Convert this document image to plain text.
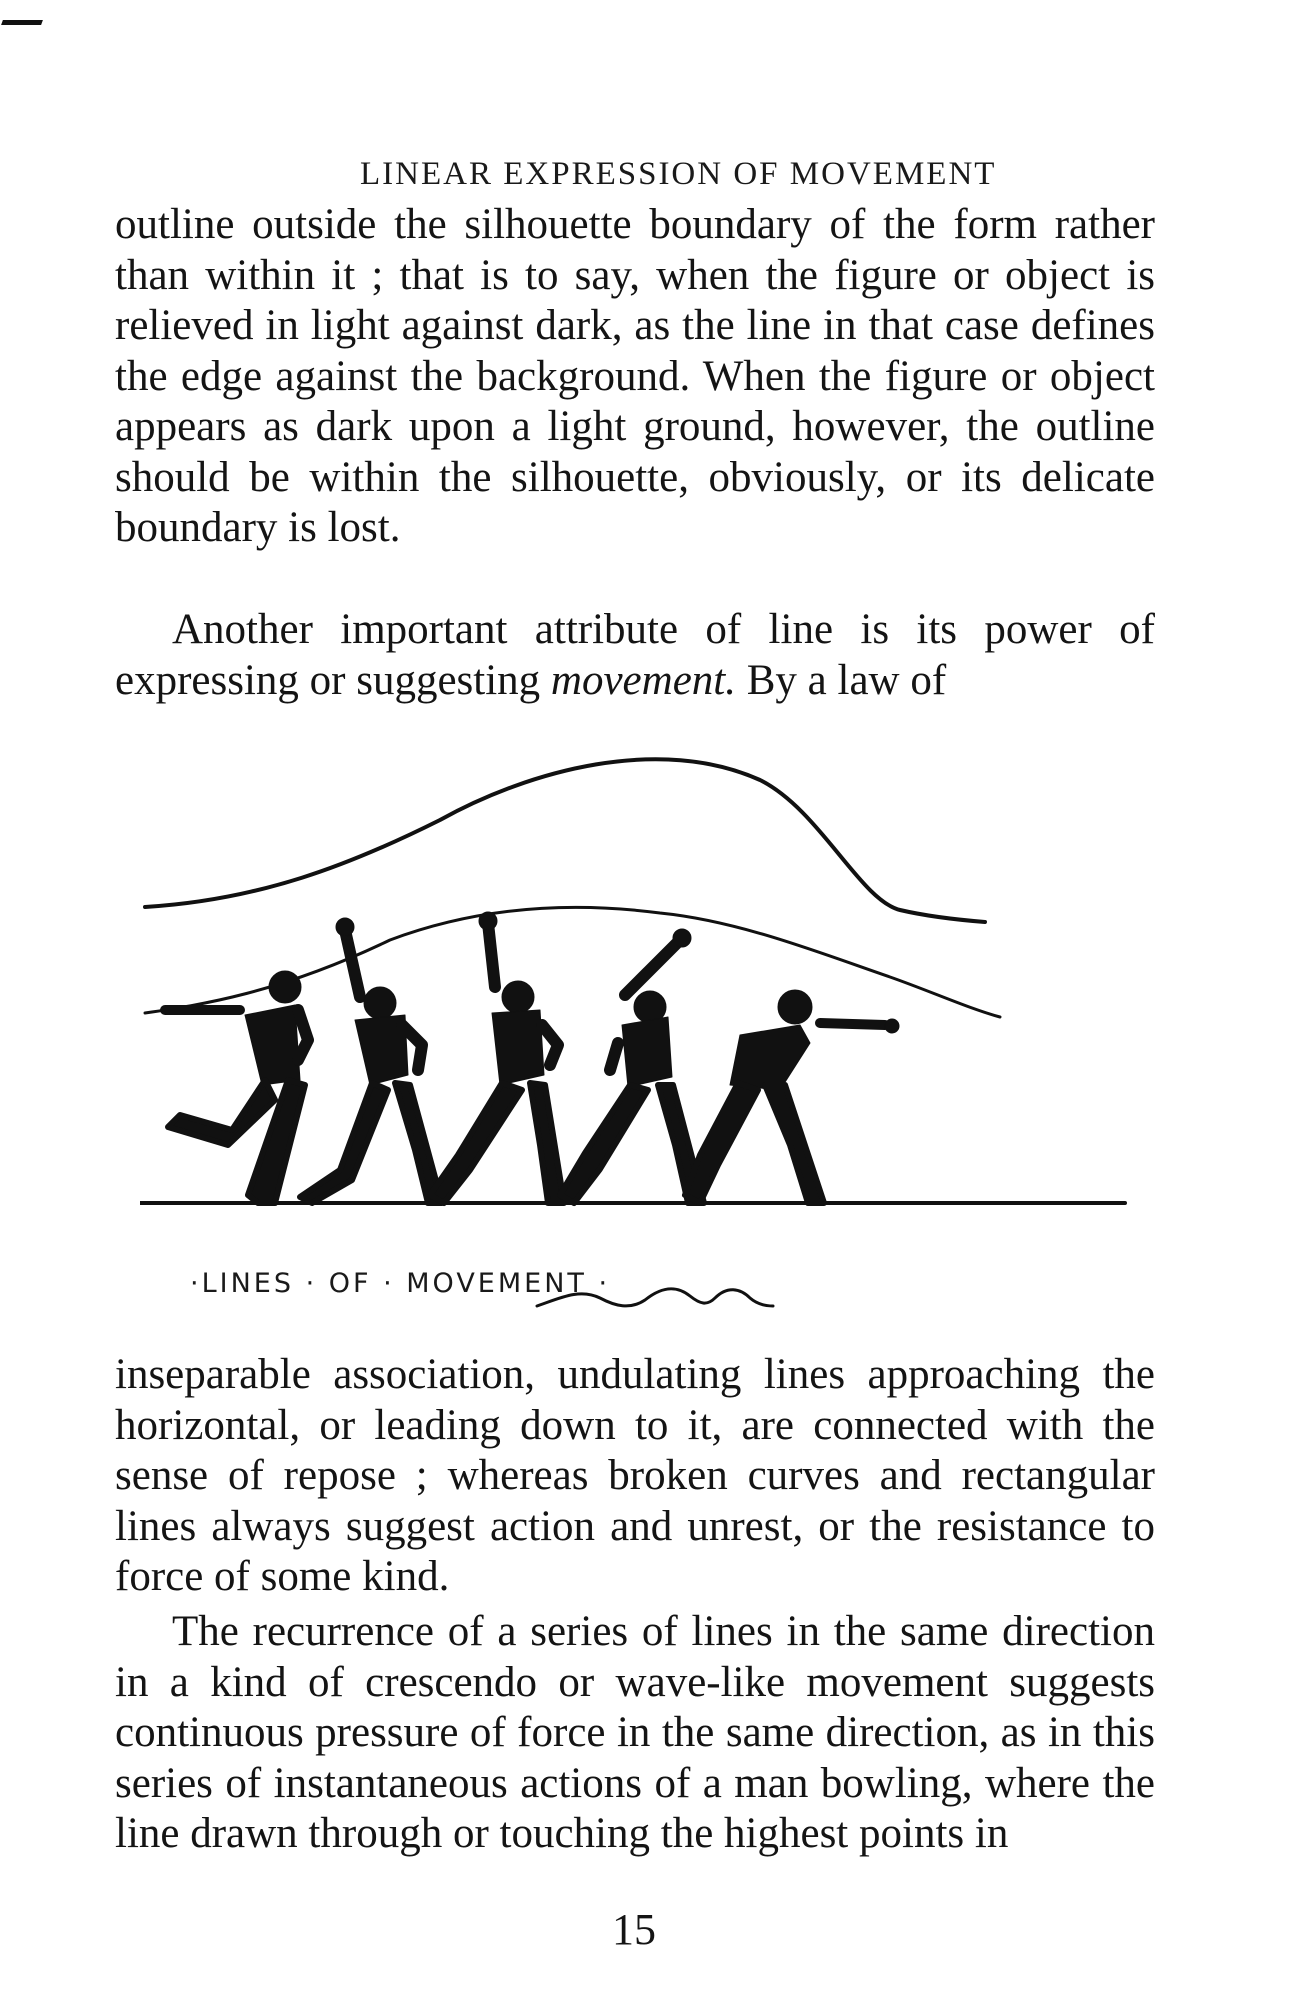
LINEAR EXPRESSION OF MOVEMENT

outline outside the silhouette boundary of the form rather than within it ; that is to say, when the figure or object is relieved in light against dark, as the line in that case defines the edge against the background. When the figure or object appears as dark upon a light ground, however, the outline should be within the silhouette, obviously, or its delicate boundary is lost.

Another important attribute of line is its power of expressing or suggesting movement. By a law of

·LINES · OF · MOVEMENT ·

inseparable association, undulating lines approaching the horizontal, or leading down to it, are connected with the sense of repose ; whereas broken curves and rectangular lines always suggest action and unrest, or the resistance to force of some kind.

The recurrence of a series of lines in the same direction in a kind of crescendo or wave-like movement suggests continuous pressure of force in the same direction, as in this series of instantaneous actions of a man bowling, where the line drawn through or touching the highest points in

15
